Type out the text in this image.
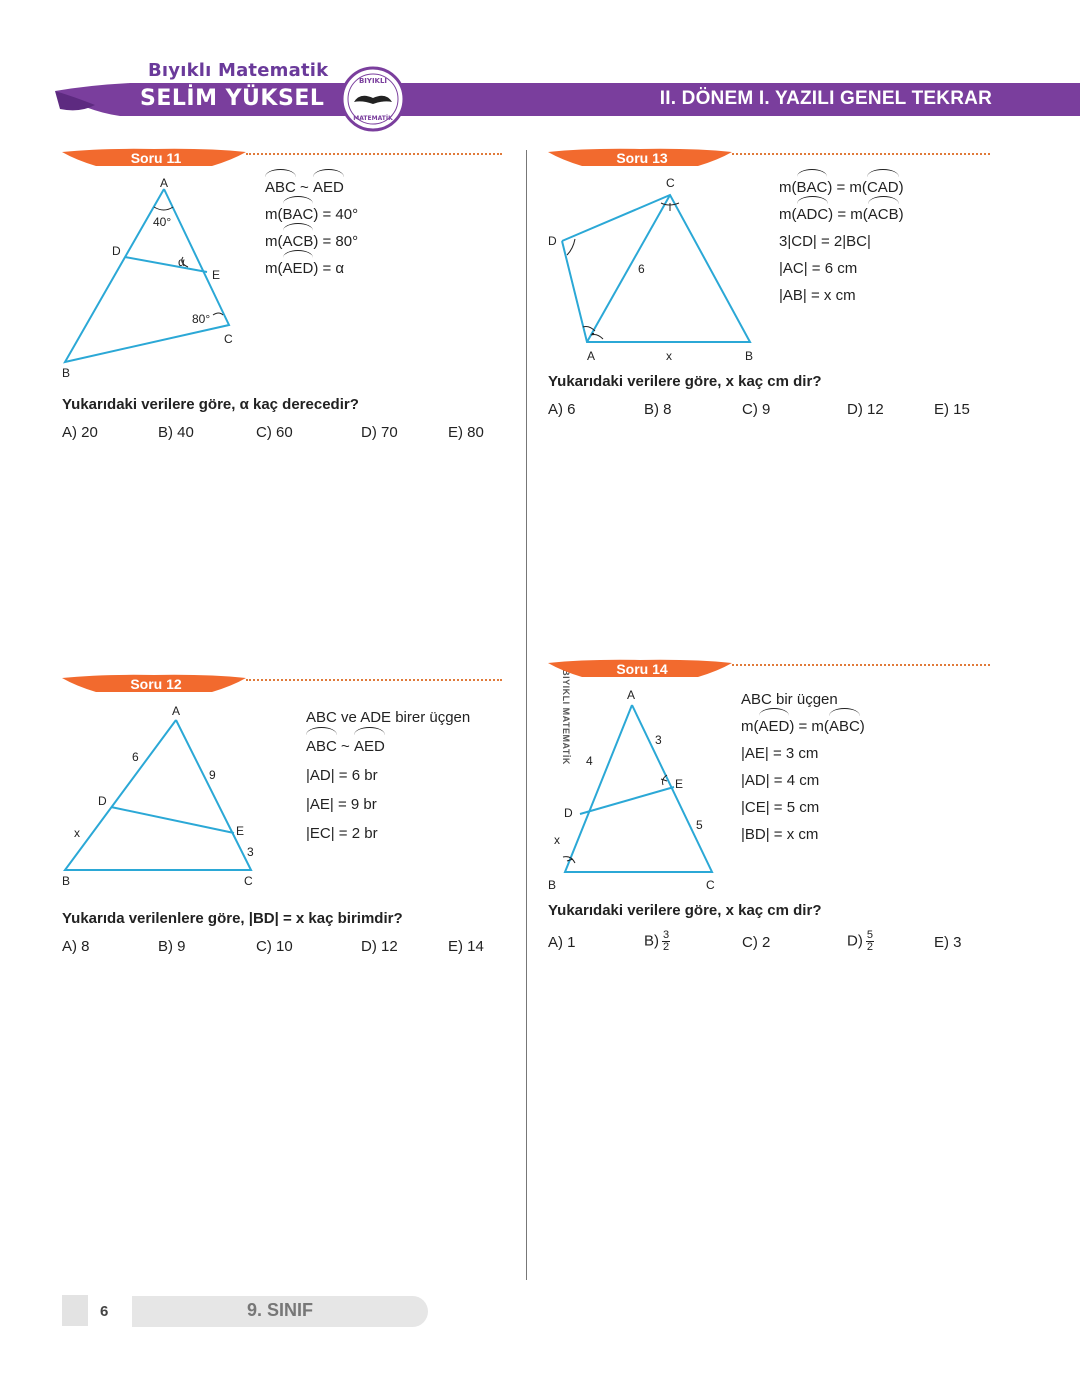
Bıyıklı Matematik
SELİM YÜKSEL
BIYIKLI
MATEMATİK
II. DÖNEM I. YAZILI GENEL TEKRAR
BIYIKLI MATEMATİK
Soru 11
A
B
C
D
E
40°
α
80°
ABC ~ AED
m(BAC) = 40°
m(ACB) = 80°
m(AED) = α
Yukarıdaki verilere göre, α kaç derecedir?
A) 20	B) 40	C) 60	D) 70	E) 80
Soru 13
C
D
A	B
6
x
m(BAC) = m(CAD)
m(ADC) = m(ACB)
3|CD| = 2|BC|
|AC| = 6 cm
|AB| = x cm
Yukarıdaki verilere göre, x kaç cm dir?
A) 6	B) 8	C) 9	D) 12	E) 15
Soru 12
A
B	C
D
E
6
9
3
x
ABC ve ADE birer üçgen
ABC ~ AED
|AD| = 6 br
|AE| = 9 br
|EC| = 2 br
Yukarıda verilenlere göre, |BD| = x kaç birimdir?
A) 8	B) 9	C) 10	D) 12	E) 14
Soru 14
A
B	C
D
E
3
4
5
x
ABC bir üçgen
m(AED) = m(ABC)
|AE| = 3 cm
|AD| = 4 cm
|CE| = 5 cm
|BD| = x cm
Yukarıdaki verilere göre, x kaç cm dir?
A) 1	$B) \frac{3}{2}$	C) 2	$D) \frac{5}{2}$	E) 3
6	9. SINIF
